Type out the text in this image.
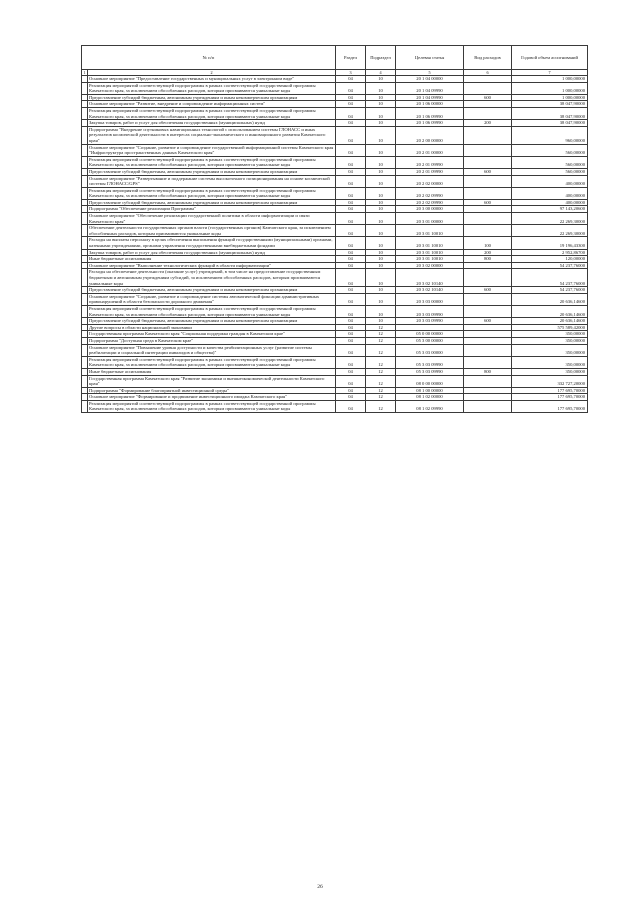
№ п/п		Раздел	Подраздел	Целевая статья	Вид расходов	Годовой объем ассигнований
1	2	3	4	5	6	7
	Основное мероприятие "Предоставление государственных и муниципальных услуг в электронном виде"	04	10	20 1 04 00000		1 000,00000
	Реализация мероприятий соответствующей подпрограммы в рамках соответствующей государственной программы Камчатского края, за исключением обособленных расходов, которым присваиваются уникальные коды	04	10	20 1 04 09990		1 000,00000
	Предоставление субсидий бюджетным, автономным учреждениям и иным некоммерческим организациям	04	10	20 1 04 09990	600	1 000,00000
	Основное мероприятие "Развитие, внедрение и сопровождение информационных систем"	04	10	20 1 06 00000		38 047,90000
	Реализация мероприятий соответствующей подпрограммы в рамках соответствующей государственной программы Камчатского края, за исключением обособленных расходов, которым присваиваются уникальные коды	04	10	20 1 06 09990		38 047,90000
	Закупка товаров, работ и услуг для обеспечения государственных (муниципальных) нужд	04	10	20 1 06 09990	200	38 047,90000
	Подпрограмма "Внедрение спутниковых навигационных технологий с использованием системы ГЛОНАСС и иных результатов космической деятельности в интересах социально-экономического и инновационного развития Камчатского края"	04	10	20 2 00 00000		960,00000
	Основное мероприятие "Создание, развитие и сопровождение государственной информационной системы Камчатского края "Инфраструктура пространственных данных Камчатского края"	04	10	20 2 01 00000		560,00000
	Реализация мероприятий соответствующей подпрограммы в рамках соответствующей государственной программы Камчатского края, за исключением обособленных расходов, которым присваиваются уникальные коды	04	10	20 2 01 09990		560,00000
	Предоставление субсидий бюджетным, автономным учреждениям и иным некоммерческим организациям	04	10	20 2 01 09990	600	560,00000
	Основное мероприятие "Развертывание и поддержание системы высокоточного позиционирования на основе космической системы ГЛОНАСС/GPS"	04	10	20 2 02 00000		400,00000
	Реализация мероприятий соответствующей подпрограммы в рамках соответствующей государственной программы Камчатского края, за исключением обособленных расходов, которым присваиваются уникальные коды	04	10	20 2 02 09990		400,00000
	Предоставление субсидий бюджетным, автономным учреждениям и иным некоммерческим организациям	04	10	20 2 02 09990	600	400,00000
	Подпрограмма "Обеспечение реализации Программы"	04	10	20 3 00 00000		97 143,20600
	Основное мероприятие "Обеспечение реализации государственной политики в области информатизации и связи Камчатского края"	04	10	20 3 01 00000		22 269,30000
	Обеспечение деятельности государственных органов власти (государственных органов) Камчатского края, за исключением обособленных расходов, которым присваиваются уникальные коды	04	10	20 3 01 10010		22 269,30000
	Расходы на выплаты персоналу в целях обеспечения выполнения функций государственными (муниципальными) органами, казенными учреждениями, органами управления государственными внебюджетными фондами	04	10	20 3 01 10010	100	19 196,43300
	Закупка товаров, работ и услуг для обеспечения государственных (муниципальных) нужд	04	10	20 3 01 10010	200	2 952,86700
	Иные бюджетные ассигнования	04	10	20 3 01 10010	800	120,00000
	Основное мероприятие "Выполнение технологических функций в области информатизации"	04	10	20 3 02 00000		54 237,76000
	Расходы на обеспечение деятельности (оказание услуг) учреждений, в том числе на предоставление государственным бюджетным и автономным учреждениям субсидий, за исключением обособленных расходов, которым присваиваются уникальные коды	04	10	20 3 02 10140		54 237,76000
	Предоставление субсидий бюджетным, автономным учреждениям и иным некоммерческим организациям	04	10	20 3 02 10140	600	54 237,76000
	Основное мероприятие "Создание, развитие и сопровождение системы автоматической фиксации административных правонарушений в области безопасности дорожного движения"	04	10	20 3 03 00000		20 636,14600
	Реализация мероприятий соответствующей подпрограммы в рамках соответствующей государственной программы Камчатского края, за исключением обособленных расходов, которым присваиваются уникальные коды	04	10	20 3 03 09990		20 636,14600
	Предоставление субсидий бюджетным, автономным учреждениям и иным некоммерческим организациям	04	10	20 3 03 09990	600	20 636,14600
	Другие вопросы в области национальной экономики	04	12			575 589,42000
	Государственная программа Камчатского края "Социальная поддержка граждан в Камчатском крае"	04	12	05 0 00 00000		350,00000
	Подпрограмма "Доступная среда в Камчатском крае"	04	12	05 3 00 00000		350,00000
	Основное мероприятие "Повышение уровня доступности и качества реабилитационных услуг (развитие системы реабилитации и социальной интеграции инвалидов и общества)"	04	12	05 3 03 00000		350,00000
	Реализация мероприятий соответствующей подпрограммы в рамках соответствующей государственной программы Камчатского края, за исключением обособленных расходов, которым присваиваются уникальные коды	04	12	05 3 03 09990		350,00000
	Иные бюджетные ассигнования	04	12	05 3 03 09990	800	350,00000
	Государственная программа Камчатского края "Развитие экономики и внешнеэкономической деятельности Камчатского края"	04	12	08 0 00 00000		332 727,20000
	Подпрограмма "Формирование благоприятной инвестиционной среды"	04	12	08 1 00 00000		177 695,70000
	Основное мероприятие "Формирование и продвижение инвестиционного имиджа Камчатского края"	04	12	08 1 02 00000		177 695,70000
	Реализация мероприятий соответствующей подпрограммы в рамках соответствующей государственной программы Камчатского края, за исключением обособленных расходов, которым присваиваются уникальные коды	04	12	08 1 02 09990		177 695,70000
26
